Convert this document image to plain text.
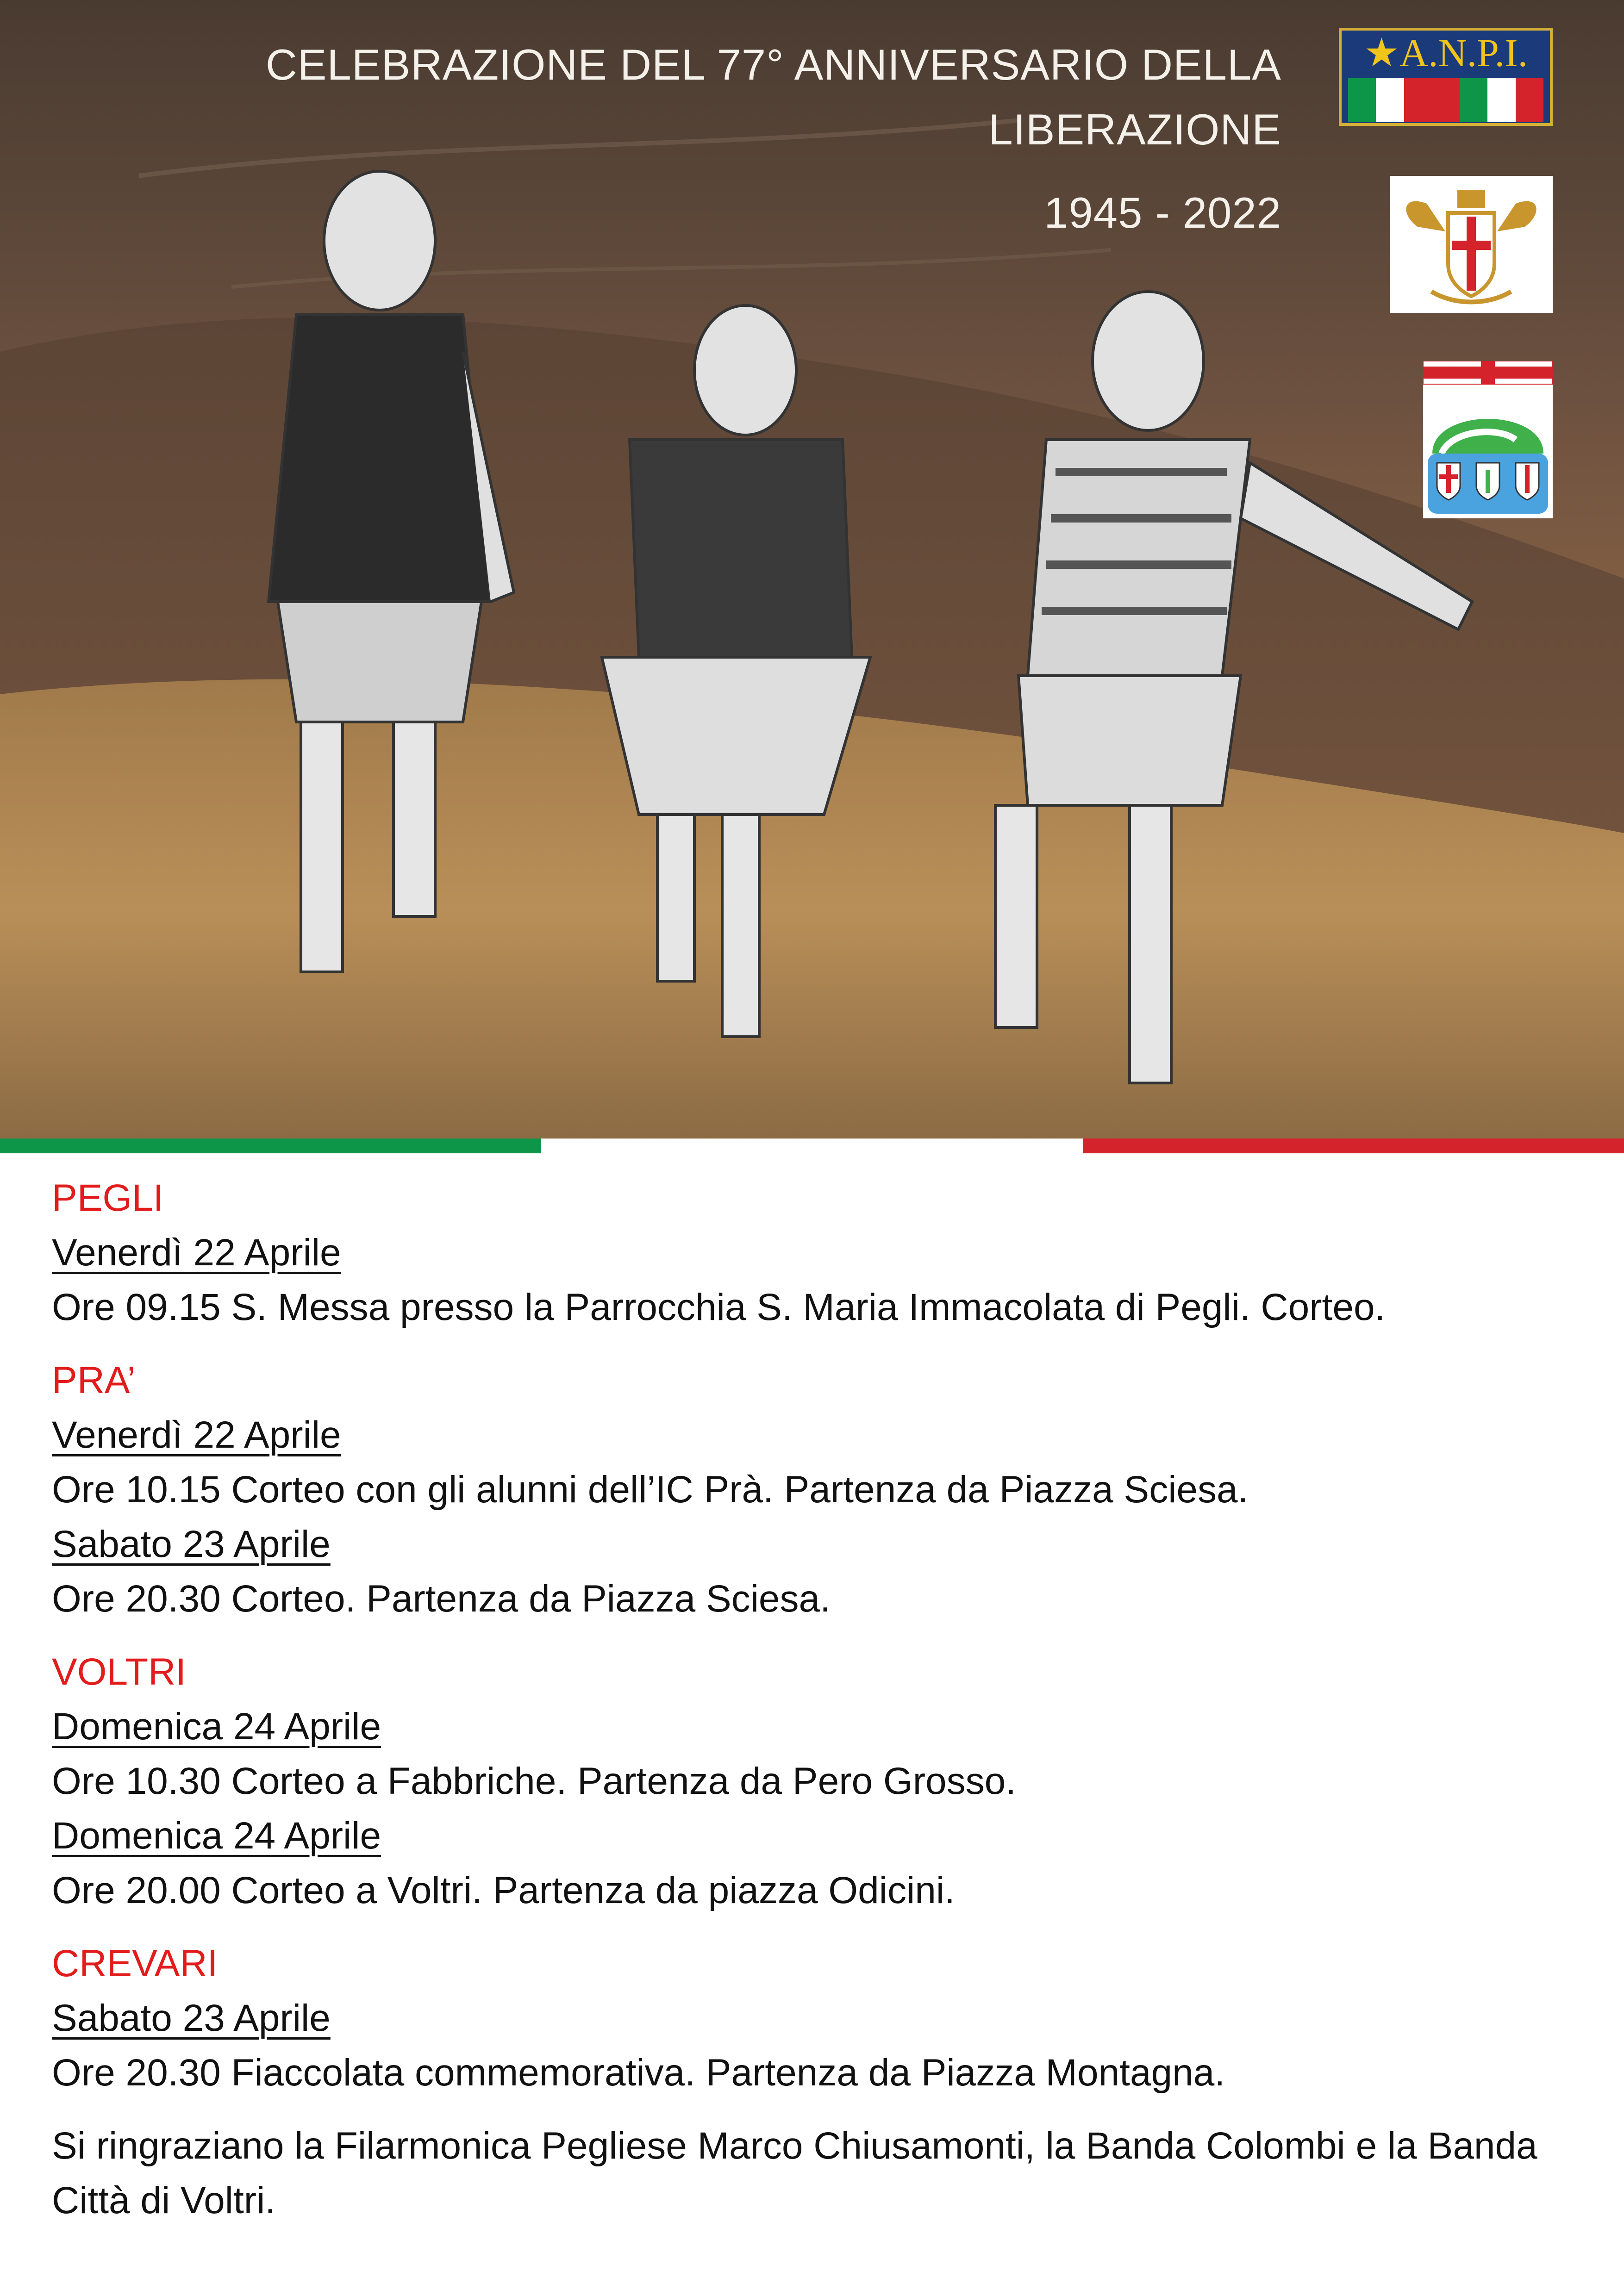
CELEBRAZIONE DEL 77° ANNIVERSARIO DELLA
LIBERAZIONE
1945 - 2022
★A.N.P.I.
PEGLI
Venerdì 22 Aprile
Ore 09.15 S. Messa presso la Parrocchia S. Maria Immacolata di Pegli. Corteo.
PRA’
Venerdì 22 Aprile
Ore 10.15 Corteo con gli alunni dell’IC Prà. Partenza da Piazza Sciesa.
Sabato 23 Aprile
Ore 20.30 Corteo. Partenza da Piazza Sciesa.
VOLTRI
Domenica 24 Aprile
Ore 10.30 Corteo a Fabbriche. Partenza da Pero Grosso.
Domenica 24 Aprile
Ore 20.00 Corteo a Voltri. Partenza da piazza Odicini.
CREVARI
Sabato 23 Aprile
Ore 20.30 Fiaccolata commemorativa. Partenza da Piazza Montagna.
Si ringraziano la Filarmonica Pegliese Marco Chiusamonti, la Banda Colombi e la Banda Città di Voltri.
